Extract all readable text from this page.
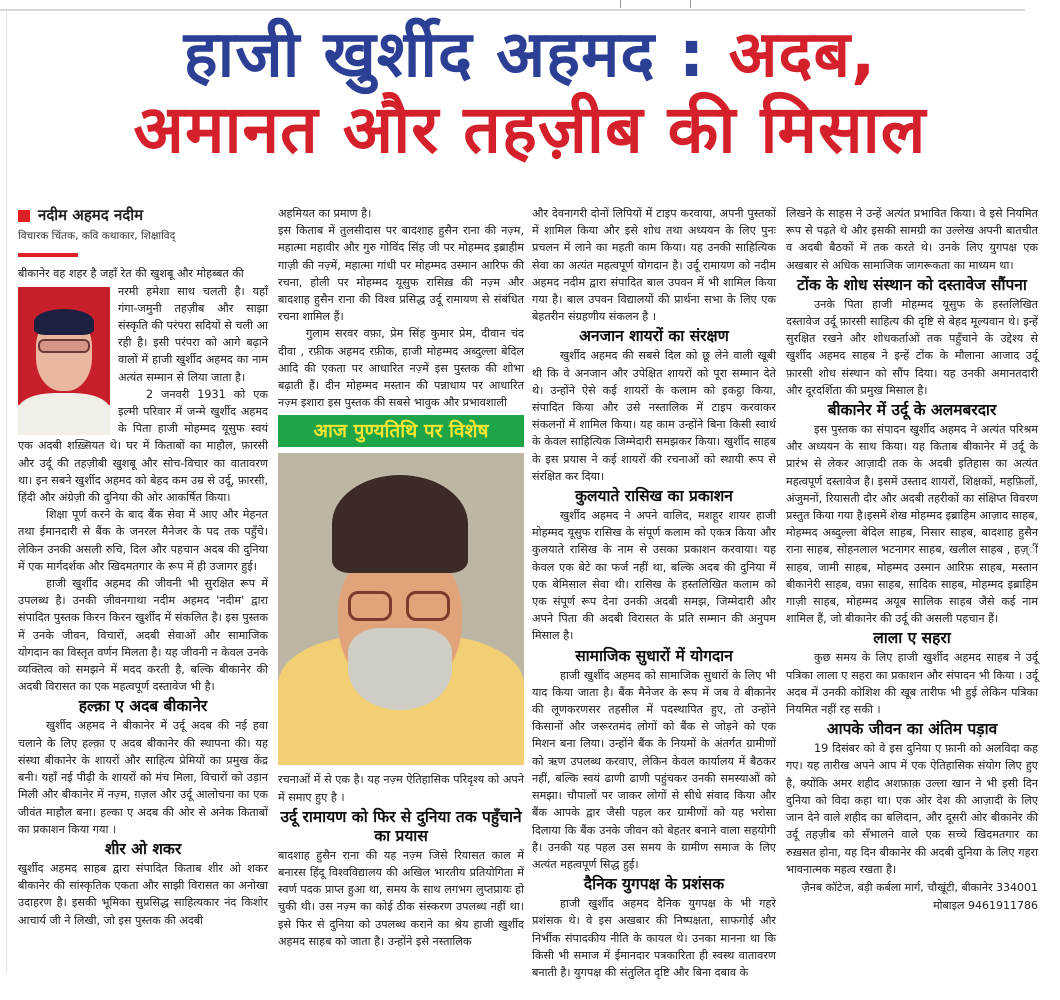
हाजी खुर्शीद अहमद : अदब,
अमानत और तहज़ीब की मिसाल
नदीम अहमद नदीम
विचारक चिंतक, कवि कथाकार, शिक्षाविद्

बीकानेर वह शहर है जहाँ रेत की खुशबू और मोहब्बत की

नरमी हमेशा साथ चलती है। यहाँ गंगा-जमुनी तहज़ीब और साझा संस्कृति की परंपरा सदियों से चली आ रही है। इसी परंपरा को आगे बढ़ाने वालों में हाजी खुर्शीद अहमद का नाम अत्यंत सम्मान से लिया जाता है।

2 जनवरी 1931 को एक इल्मी परिवार में जन्मे खुर्शीद अहमद के पिता हाजी मोहम्मद यूसुफ स्वयं एक अदबी शख़्सियत थे। घर में किताबों का माहौल, फ़ारसी और उर्दू की तहज़ीबी खुशबू और सोच-विचार का वातावरण था। इन सबने खुर्शीद अहमद को बेहद कम उम्र से उर्दू, फ़ारसी, हिंदी और अंग्रेज़ी की दुनिया की ओर आकर्षित किया।

शिक्षा पूर्ण करने के बाद बैंक सेवा में आए और मेहनत तथा ईमानदारी से बैंक के जनरल मैनेजर के पद तक पहुँचे। लेकिन उनकी असली रुचि, दिल और पहचान अदब की दुनिया में एक मार्गदर्शक और खिदमतगार के रूप में ही उजागर हुई।

हाजी खुर्शीद अहमद की जीवनी भी सुरक्षित रूप में उपलब्ध है। उनकी जीवनगाथा नदीम अहमद 'नदीम' द्वारा संपादित पुस्तक किरन किरन खुर्शीद में संकलित है। इस पुस्तक में उनके जीवन, विचारों, अदबी सेवाओं और सामाजिक योगदान का विस्तृत वर्णन मिलता है। यह जीवनी न केवल उनके व्यक्तित्व को समझने में मदद करती है, बल्कि बीकानेर की अदबी विरासत का एक महत्वपूर्ण दस्तावेज भी है।

हल्क़ा ए अदब बीकानेर

खुर्शीद अहमद ने बीकानेर में उर्दू अदब की नई हवा चलाने के लिए हल्क़ा ए अदब बीकानेर की स्थापना की। यह संस्था बीकानेर के शायरों और साहित्य प्रेमियों का प्रमुख केंद्र बनी। यहाँ नई पीढ़ी के शायरों को मंच मिला, विचारों को उड़ान मिली और बीकानेर में नज़्म, ग़ज़ल और उर्दू आलोचना का एक जीवंत माहौल बना। हल्का ए अदब की ओर से अनेक किताबों का प्रकाशन किया गया ।

शीर ओ शकर

खुर्शीद अहमद साहब द्वारा संपादित किताब शीर ओ शकर बीकानेर की सांस्कृतिक एकता और साझी विरासत का अनोखा उदाहरण है। इसकी भूमिका सुप्रसिद्ध साहित्यकार नंद किशोर आचार्य जी ने लिखी, जो इस पुस्तक की अदबी

अहमियत का प्रमाण है।

इस किताब में तुलसीदास पर बादशाह हुसैन राना की नज़्म, महात्मा महावीर और गुरु गोविंद सिंह जी पर मोहम्मद इब्राहीम गाज़ी की नज़्में, महात्मा गांधी पर मोहम्मद उस्मान आरिफ की रचना, होली पर मोहम्मद यूसुफ रासिख़ की नज़्म और बादशाह हुसैन राना की विश्व प्रसिद्ध उर्दू रामायण से संबंधित रचना शामिल हैं।

गुलाम सरवर वफ़ा, प्रेम सिंह कुमार प्रेम, दीवान चंद दीवा , रफ़ीक अहमद रफ़ीक, हाजी मोहम्मद अब्दुल्ला बेदिल आदि की एकता पर आधारित नज़्में इस पुस्तक की शोभा बढ़ाती हैं। दीन मोहम्मद मस्तान की पन्नाधाय पर आधारित नज़्म इशारा इस पुस्तक की सबसे भावुक और प्रभावशाली

आज पुण्यतिथि पर विशेष

रचनाओं में से एक है। यह नज़्म ऐतिहासिक परिदृश्य को अपने में समाए हुए है ।

उर्दू रामायण को फिर से दुनिया तक पहुँचाने का प्रयास

बादशाह हुसैन राना की यह नज़्म जिसे रियासत काल में बनारस हिंदू विश्वविद्यालय की अखिल भारतीय प्रतियोगिता में स्वर्ण पदक प्राप्त हुआ था, समय के साथ लगभग लुप्तप्रायः हो चुकी थी। उस नज़्म का कोई ठीक संस्करण उपलब्ध नहीं था। इसे फिर से दुनिया को उपलब्ध कराने का श्रेय हाजी खुर्शीद अहमद साहब को जाता है। उन्होंने इसे नस्तालिक

और देवनागरी दोनों लिपियों में टाइप करवाया, अपनी पुस्तकों में शामिल किया और इसे शोध तथा अध्ययन के लिए पुनः प्रचलन में लाने का महती काम किया। यह उनकी साहित्यिक सेवा का अत्यंत महत्वपूर्ण योगदान है। उर्दू रामायण को नदीम अहमद नदीम द्वारा संपादित बाल उपवन में भी शामिल किया गया है। बाल उपवन विद्यालयों की प्रार्थना सभा के लिए एक बेहतरीन संग्रहणीय संकलन है ।

अनजान शायरों का संरक्षण

खुर्शीद अहमद की सबसे दिल को छू लेने वाली खूबी थी कि वे अनजान और उपेक्षित शायरों को पूरा सम्मान देते थे। उन्होंने ऐसे कई शायरों के कलाम को इकट्ठा किया, संपादित किया और उसे नस्तालिक में टाइप करवाकर संकलनों में शामिल किया। यह काम उन्होंने बिना किसी स्वार्थ के केवल साहित्यिक जिम्मेदारी समझकर किया। खुर्शीद साहब के इस प्रयास ने कई शायरों की रचनाओं को स्थायी रूप से संरक्षित कर दिया।

कुलयाते रासिख का प्रकाशन

खुर्शीद अहमद ने अपने वालिद, मशहूर शायर हाजी मोहम्मद यूसुफ रासिख के संपूर्ण कलाम को एकत्र किया और कुलयाते रासिख के नाम से उसका प्रकाशन करवाया। यह केवल एक बेटे का फर्ज नहीं था, बल्कि अदब की दुनिया में एक बेमिसाल सेवा थी। रासिख के हस्तलिखित कलाम को एक संपूर्ण रूप देना उनकी अदबी समझ, जिम्मेदारी और अपने पिता की अदबी विरासत के प्रति सम्मान की अनुपम मिसाल है।

सामाजिक सुधारों में योगदान

हाजी खुर्शीद अहमद को सामाजिक सुधारों के लिए भी याद किया जाता है। बैंक मैनेजर के रूप में जब वे बीकानेर की लूणकरणसर तहसील में पदस्थापित हुए, तो उन्होंने किसानों और जरूरतमंद लोगों को बैंक से जोड़ने को एक मिशन बना लिया। उन्होंने बैंक के नियमों के अंतर्गत ग्रामीणों को ऋण उपलब्ध करवाए, लेकिन केवल कार्यालय में बैठकर नहीं, बल्कि स्वयं ढाणी ढाणी पहुंचकर उनकी समस्याओं को समझा। चौपालों पर जाकर लोगों से सीधे संवाद किया और बैंक आपके द्वार जैसी पहल कर ग्रामीणों को यह भरोसा दिलाया कि बैंक उनके जीवन को बेहतर बनाने वाला सहयोगी है। उनकी यह पहल उस समय के ग्रामीण समाज के लिए अत्यंत महत्वपूर्ण सिद्ध हुई।

दैनिक युगपक्ष के प्रशंसक

हाजी खुर्शीद अहमद दैनिक युगपक्ष के भी गहरे प्रशंसक थे। वे इस अखबार की निष्पक्षता, साफगोई और निर्भीक संपादकीय नीति के कायल थे। उनका मानना था कि किसी भी समाज में ईमानदार पत्रकारिता ही स्वस्थ वातावरण बनाती है। युगपक्ष की संतुलित दृष्टि और बिना दबाव के

लिखने के साहस ने उन्हें अत्यंत प्रभावित किया। वे इसे नियमित रूप से पढ़ते थे और इसकी सामग्री का उल्लेख अपनी बातचीत व अदबी बैठकों में तक करते थे। उनके लिए युगपक्ष एक अखबार से अधिक सामाजिक जागरूकता का माध्यम था।

टोंक के शोध संस्थान को दस्तावेज सौंपना

उनके पिता हाजी मोहम्मद यूसुफ के हस्तलिखित दस्तावेज उर्दू फ़ारसी साहित्य की दृष्टि से बेहद मूल्यवान थे। इन्हें सुरक्षित रखने और शोधकर्ताओं तक पहुँचाने के उद्देश्य से खुर्शीद अहमद साहब ने इन्हें टोंक के मौलाना आजाद उर्दू फ़ारसी शोध संस्थान को सौंप दिया। यह उनकी अमानतदारी और दूरदर्शिता की प्रमुख मिसाल है।

बीकानेर में उर्दू के अलमबरदार

इस पुस्तक का संपादन खुर्शीद अहमद ने अत्यंत परिश्रम और अध्ययन के साथ किया। यह किताब बीकानेर में उर्दू के प्रारंभ से लेकर आज़ादी तक के अदबी इतिहास का अत्यंत महत्वपूर्ण दस्तावेज है। इसमें उस्ताद शायरों, शिक्षकों, महफ़िलों, अंजुमनों, रियासती दौर और अदबी तहरीकों का संक्षिप्त विवरण प्रस्तुत किया गया है।इसमें शेख मोहम्मद इब्राहिम आज़ाद साहब, मोहम्मद अब्दुल्ला बेदिल साहब, निसार साहब, बादशाह हुसैन राना साहब, सोहनलाल भटनागर साहब, खलील साहब , हज़्ीं साहब, जामी साहब, मोहम्मद उस्मान आरिफ़ साहब, मस्तान बीकानेरी साहब, वफ़ा साहब, सादिक साहब, मोहम्मद इब्राहिम गाज़ी साहब, मोहम्मद अयूब सालिक साहब जैसे कई नाम शामिल हैं, जो बीकानेर की उर्दू की असली पहचान हैं।

लाला ए सहरा

कुछ समय के लिए हाजी खुर्शीद अहमद साहब ने उर्दू पत्रिका लाला ए सहरा का प्रकाशन और संपादन भी किया । उर्दू अदब में उनकी कोशिश की खूब तारीफ भी हुई लेकिन पत्रिका नियमित नहीं रह सकी ।

आपके जीवन का अंतिम पड़ाव

19 दिसंबर को वे इस दुनिया ए फ़ानी को अलविदा कह गए। यह तारीख अपने आप में एक ऐतिहासिक संयोग लिए हुए है, क्योंकि अमर शहीद अशफ़ाक़ उल्ला खान ने भी इसी दिन दुनिया को विदा कहा था। एक ओर देश की आज़ादी के लिए जान देने वाले शहीद का बलिदान, और दूसरी ओर बीकानेर की उर्दू तहज़ीब को सँभालने वाले एक सच्चे खिदमतगार का रुख़सत होना, यह दिन बीकानेर की अदबी दुनिया के लिए गहरा भावनात्मक महत्व रखता है।

ज़ैनब कॉटेज, बड़ी कर्बला मार्ग, चौखूंटी, बीकानेर 334001
मोबाइल 9461911786
